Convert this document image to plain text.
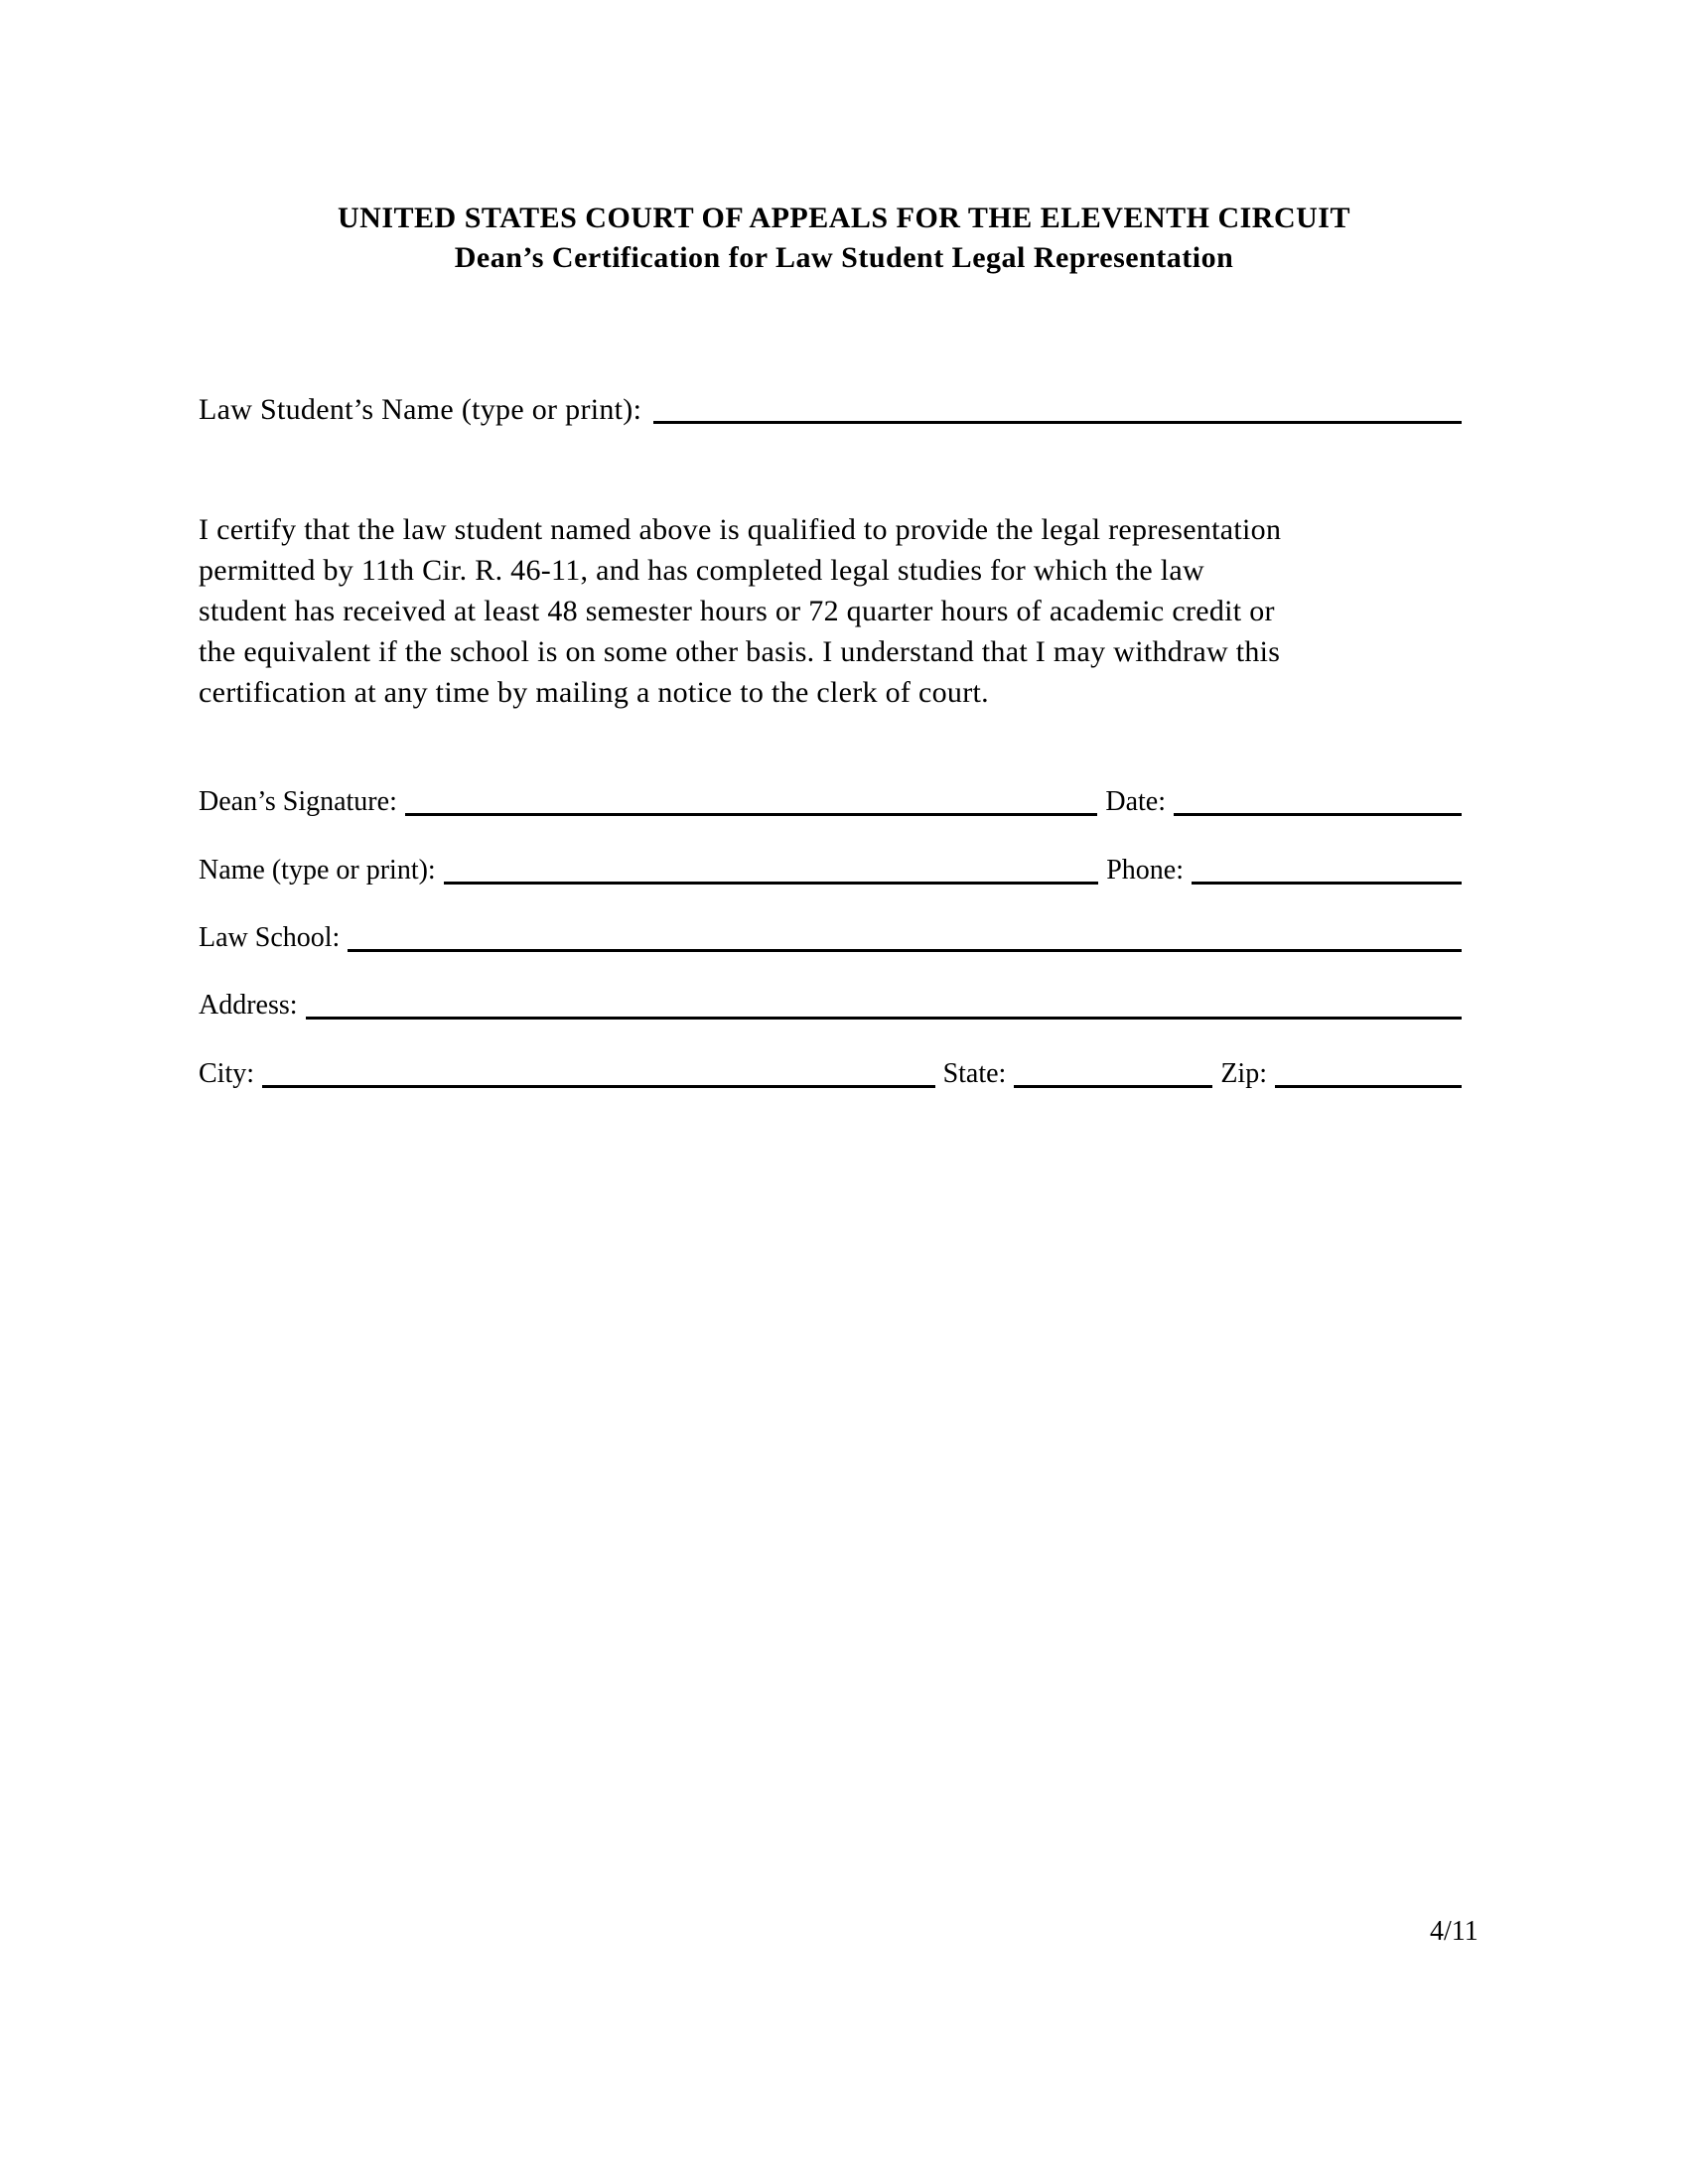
UNITED STATES COURT OF APPEALS FOR THE ELEVENTH CIRCUIT
Dean’s Certification for Law Student Legal Representation
Law Student’s Name (type or print):
I certify that the law student named above is qualified to provide the legal representation
permitted by 11th Cir. R. 46-11, and has completed legal studies for which the law
student has received at least 48 semester hours or 72 quarter hours of academic credit or
the equivalent if the school is on some other basis. I understand that I may withdraw this
certification at any time by mailing a notice to the clerk of court.
Dean’s Signature:	Date:
Name (type or print):	Phone:
Law School:
Address:
City:	State:	Zip:
4/11
